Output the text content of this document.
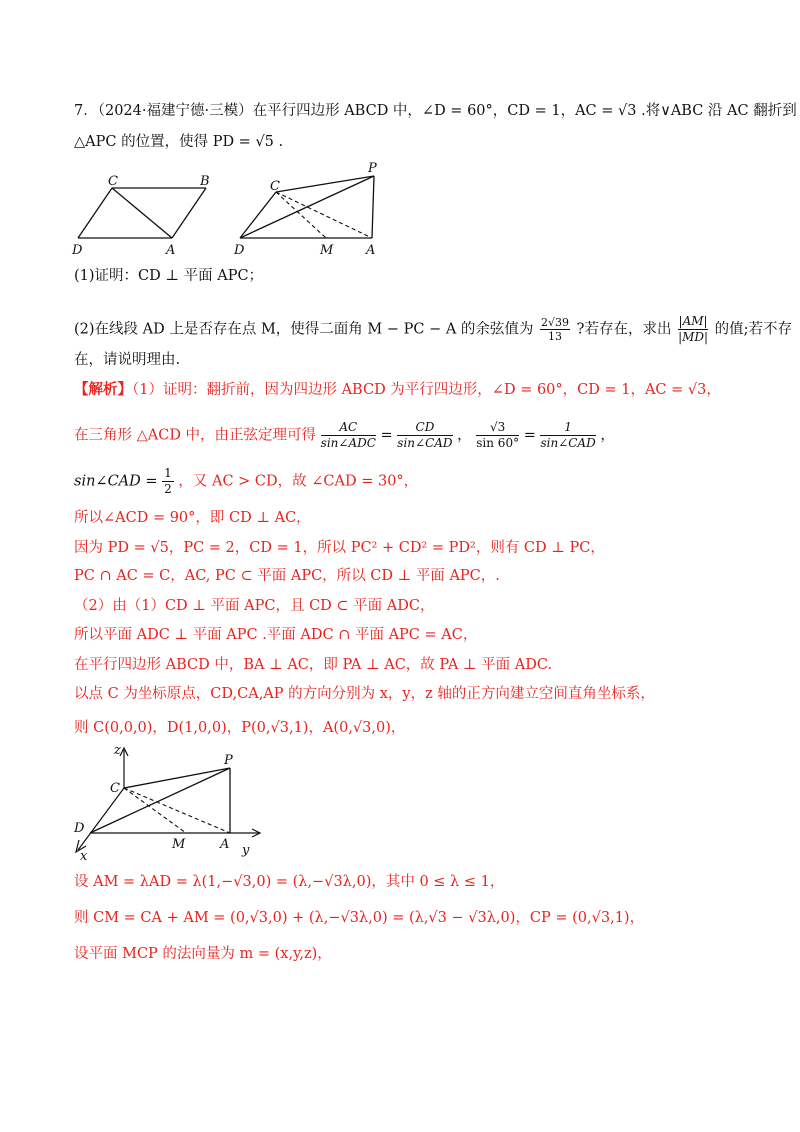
7．（2024·福建宁德·三模）在平行四边形 ABCD 中，∠D = 60°，CD = 1，AC = √3 .将∨ABC 沿 AC 翻折到
△APC 的位置，使得 PD = √5 .
C	B
D	A
C
P
D	M	A
(1)证明：CD ⊥ 平面 APC；
(2)在线段 AD 上是否存在点 M，使得二面角 M − PC − A 的余弦值为 $\frac{2√39}{13}$ ?若存在，求出 $\frac{|AM|}{|MD|}$ 的值;若不存
在，请说明理由.
【解析】（1）证明：翻折前，因为四边形 ABCD 为平行四边形，∠D = 60°，CD = 1，AC = √3，
在三角形 △ACD 中，由正弦定理可得
AC
sin∠ADC =
CD
sin∠CAD ， $\frac{√3}{\sin 60^\circ}$ =
1
sin∠CAD ，
sin∠CAD = $\frac{1}{2}$ ，又 AC > CD，故 ∠CAD = 30°，
所以∠ACD = 90°，即 CD ⊥ AC，
因为 PD = √5，PC = 2，CD = 1，所以 PC² + CD² = PD²，则有 CD ⊥ PC，
PC ∩ AC = C，AC, PC ⊂ 平面 APC，所以 CD ⊥ 平面 APC，.
（2）由（1）CD ⊥ 平面 APC，且 CD ⊂ 平面 ADC，
所以平面 ADC ⊥ 平面 APC .平面 ADC ∩ 平面 APC = AC，
在平行四边形 ABCD 中，BA ⊥ AC，即 PA ⊥ AC，故 PA ⊥ 平面 ADC.
以点 C 为坐标原点，CD,CA,AP 的方向分别为 x，y，z 轴的正方向建立空间直角坐标系，
则 C(0,0,0)，D(1,0,0)，P(0,√3,1)，A(0,√3,0)，
z
C
P
D
M	A
x	y
设 AM = λAD = λ(1,−√3,0) = (λ,−√3λ,0)，其中 0 ≤ λ ≤ 1，
则 CM = CA + AM = (0,√3,0) + (λ,−√3λ,0) = (λ,√3 − √3λ,0)，CP = (0,√3,1)，
设平面 MCP 的法向量为 m = (x,y,z)，
